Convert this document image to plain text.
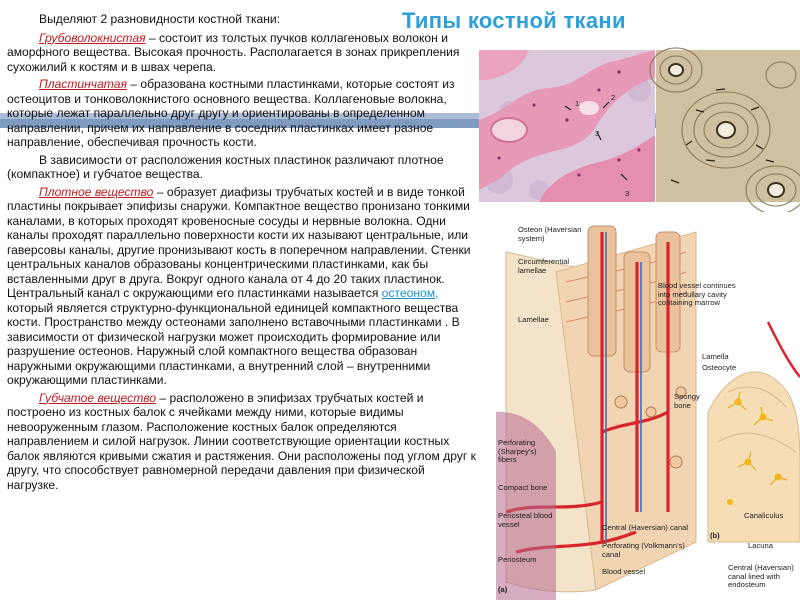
1
2
3
3
Osteon (Haversian system)
Circumferential lamellae
Lamellae
Perforating (Sharpey's) fibers
Compact bone
Periosteal blood vessel
Periosteum
Central (Haversian) canal
Perforating (Volkmann's) canal
Blood vessel
(a)
Blood vessel continues into medullary cavity containing marrow
Lamella
Osteocyte
Spongy bone
Canaliculus
Lacuna
Central (Haversian) canal lined with endosteum
(b)
Типы костной ткани

Выделяют 2 разновидности костной ткани:

Грубоволокнистая – состоит из толстых пучков коллагеновых волокон и аморфного вещества. Высокая прочность. Располагается в зонах прикрепления сухожилий к костям и в швах черепа.

Пластинчатая – образована костными пластинками, которые состоят из остеоцитов и тонковолокнистого основного вещества. Коллагеновые волокна, которые лежат параллельно друг другу и ориентированы в определенном направлении, причем их направление в соседних пластинках имеет разное направление, обеспечивая прочность кости.

В зависимости от расположения костных пластинок различают плотное (компактное) и губчатое вещества.

Плотное вещество – образует диафизы трубчатых костей и в виде тонкой пластины покрывает эпифизы снаружи. Компактное вещество пронизано тонкими каналами, в которых проходят кровеносные сосуды и нервные волокна. Одни каналы проходят параллельно поверхности кости их называют центральные, или гаверсовы каналы, другие пронизывают кость в поперечном направлении. Стенки центральных каналов образованы концентрическими пластинками, как бы вставленными друг в друга. Вокруг одного канала от 4 до 20 таких пластинок. Центральный канал с окружающими его пластинками называется остеоном, который является структурно-функциональной единицей компактного вещества кости. Пространство между остеонами заполнено вставочными пластинками . В зависимости от физической нагрузки может происходить формирование или разрушение остеонов. Наружный слой компактного вещества образован наружными окружающими пластинками, а внутренний слой – внутренними окружающими пластинками.

Губчатое вещество – расположено в эпифизах трубчатых костей и построено из костных балок с ячейками между ними, которые видимы невооруженным глазом. Расположение костных балок определяются направлением и силой нагрузок. Линии соответствующие ориентации костных балок являются кривыми сжатия и растяжения. Они расположены под углом друг к другу, что способствует равномерной передачи давления при физической нагрузке.
